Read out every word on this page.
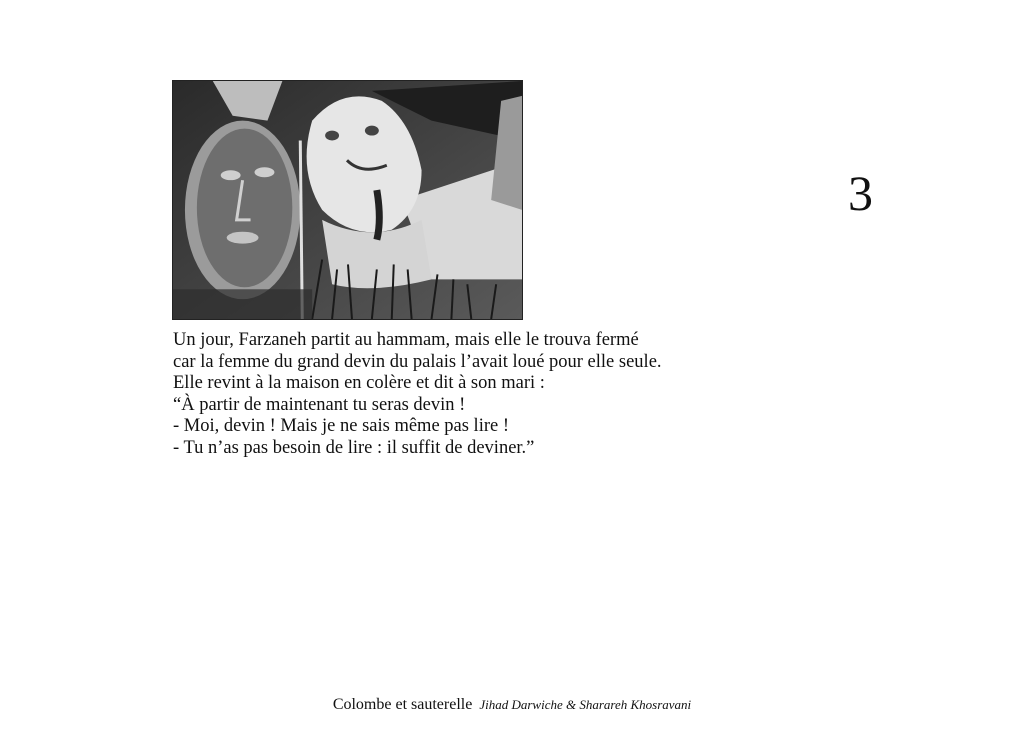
3
Un jour, Farzaneh partit au hammam, mais elle le trouva fermé
car la femme du grand devin du palais l’avait loué pour elle seule.
Elle revint à la maison en colère et dit à son mari :
“À partir de maintenant tu seras devin !
- Moi, devin ! Mais je ne sais même pas lire !
- Tu n’as pas besoin de lire : il suffit de deviner.”
Colombe et sauterelle Jihad Darwiche & Sharareh Khosravani
